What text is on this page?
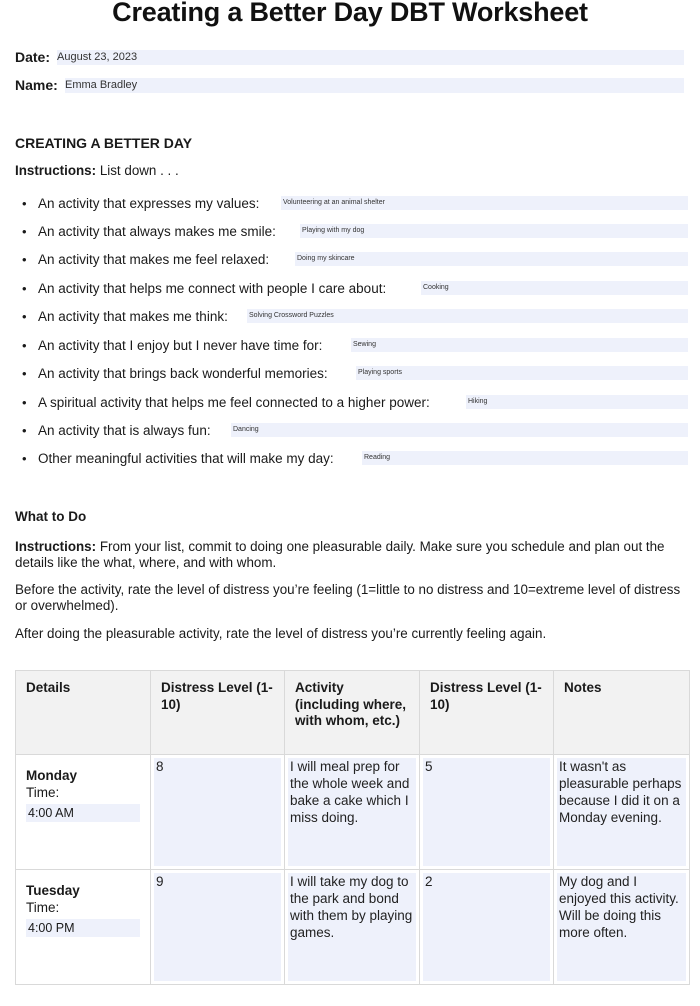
Creating a Better Day DBT Worksheet
Date: August 23, 2023
Name: Emma Bradley
CREATING A BETTER DAY
Instructions: List down . . .
• An activity that expresses my values:	Volunteering at an animal shelter
• An activity that always makes me smile:	Playing with my dog
• An activity that makes me feel relaxed:	Doing my skincare
• An activity that helps me connect with people I care about:	Cooking
• An activity that makes me think:	Solving Crossword Puzzles
• An activity that I enjoy but I never have time for:	Sewing
• An activity that brings back wonderful memories:	Playing sports
• A spiritual activity that helps me feel connected to a higher power:	Hiking
• An activity that is always fun:	Dancing
• Other meaningful activities that will make my day:	Reading
What to Do
Instructions: From your list, commit to doing one pleasurable daily. Make sure you schedule and plan out the details like the what, where, and with whom.
Before the activity, rate the level of distress you’re feeling (1=little to no distress and 10=extreme level of distress or overwhelmed).
After doing the pleasurable activity, rate the level of distress you’re currently feeling again.
Details	Distress Level (1-10)	Activity (including where, with whom, etc.)	Distress Level (1-10)	Notes

Monday
Time:
4:00 AM	8	I will meal prep for the whole week and bake a cake which I miss doing.	5	It wasn't as pleasurable perhaps because I did it on a Monday evening.

Tuesday
Time:
4:00 PM	9	I will take my dog to the park and bond with them by playing games.	2	My dog and I enjoyed this activity. Will be doing this more often.
